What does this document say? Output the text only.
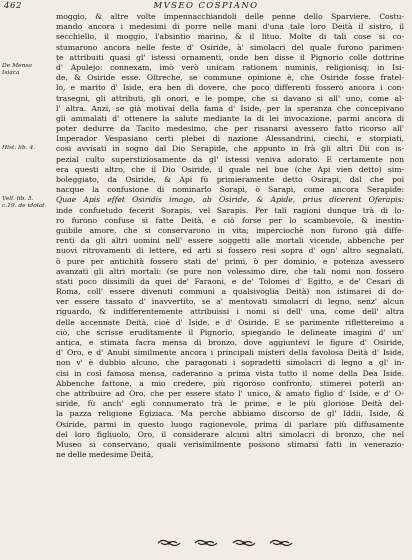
462	MVSEO COSPIANO
De Mensa Isiaca
Hist. lib. 4.
Vell. lib. 5. c.19. de idolat.
moggio, & altre volte impennacchiandoli delle penne dello Sparviere. Costu-
mando ancora i medesimi di porre nelle mani d'una tale loro Deità il sistro, il
secchiello, il moggio, l'absintio marino, & il lituo. Molte di tali cose si co-
stumarono ancora nelle feste d' Osiride, à' simolacri del quale furono parimen-
te attribuiti quasi gl' istessi ornamenti, onde ben disse il Pignorio colle dottrine
d' Apulejo: connexam, imò verò unicam rationem numinis, religionisq; in Isi-
de, & Osiride esse. Oltreche, se commune opinione è, che Osiride fosse fratel-
lo, e marito d' Iside, era ben di dovere, che poco differenti fossero ancora i con-
trasegni, gli attributi, gli onori, e le pompe, che si davano si all' uno, come al-
l' altra. Anzi, se già motivai della fama d' Iside, per la speranza che concepivano
gli ammalati d' ottenere la salute mediante la di lei invocazione, parmi ancora di
poter dedurre da Tacito medesimo, che per risanarsi avessero fatto ricorso all'
Imperador Vespasiano certi plebei di nazione Alessandrini, ciechi, e storpiati,
cosi avvisati in sogno dal Dio Serapide, che appunto in frà gli altri Dii con is-
pezial culto superstiziosamente da gl' istessi veniva adorato. E certamente non
era questi altro, che il Dio Osiride, il quale nel bue (che Api vien detto) sim-
boleggiato, da Osiride, & Api fù primieramente detto Osirapi, dal che poi
nacque la confusione di nominarlo Sorapi, ò Sarapi, come ancora Serapide:
Quae Apis effet Osiridis imago, ab Osiride, & Apide, prius dicerent Oferapis:
inde confuetudo fecerit Sorapis, vel Sarapis. Per tali ragioni dunque trà di lo-
ro furono confuse si fatte Deità, e ciò forse per lo scambievole, & inestin-
guibile amore, che si conservarono in vita; imperciochè non furono già diffe-
renti da gli altri uomini nell' essere soggetti alle mortali vicende, abbenche per
nuovi ritrovamenti di lettere, ed arti si fossero resi sopra d' ogn' altro segnalati,
ò pure per antichità fossero stati de' primi, ò per dominio, e potenza avessero
avanzati gli altri mortali: (se pure non volessimo dire, che tali nomi non fossero
stati poco dissimili da quei de' Faraoni, e de' Tolomei d' Egitto, e de' Cesari di
Roma, coll' essere divenuti communi a qualsivoglia Deità) non istimarei di do-
ver essere tassato d' inavvertito, se a' mentovati simolacri di legno, senz' alcun
riguardo, & indifferentemente attribuissi i nomi si dell' una, come dell' altra
delle accennate Deità, cioè d' Iside, e d' Osiride. E se parimente riflettereimo a
ciò, che scrisse eruditamente il Pignorio, spiegando le delineate imagini d' un'
antica, e stimata facra mensa di bronzo, dove aggiuntevi le figure d' Osiride,
d' Oro, e d' Anubi similmente ancora i principali misteri della favolosa Deità d' Iside,
non v' è dubbio alcuno, che paragonati i sopradetti simolacri di legno a gl' in-
cisi in così famosa mensa, caderanno a prima vista tutto il nome della Dea Iside.
Abbenche fattone, a mio credere, più rigoroso confronto, stimerei poterli an-
che attribuire ad Oro, che per essere stato l' unico, & amato figlio d' Iside, e d' O-
siride, fù anch' egli connumerato trà le prime, e le più gloriose Deità del-
la pazza religione Egiziaca. Ma perche abbiamo discorso de gl' Iddii, Iside, &
Osiride, parmi in questo luogo ragionevole, prima di parlare più diffusamente
del loro figliuolo, Oro, il considerare alcuni altri simolacri di bronzo, che nel
Museo si conservano, quali verisimilmente possono stimarsi fatti in venerazio-
ne delle medesime Deità,
